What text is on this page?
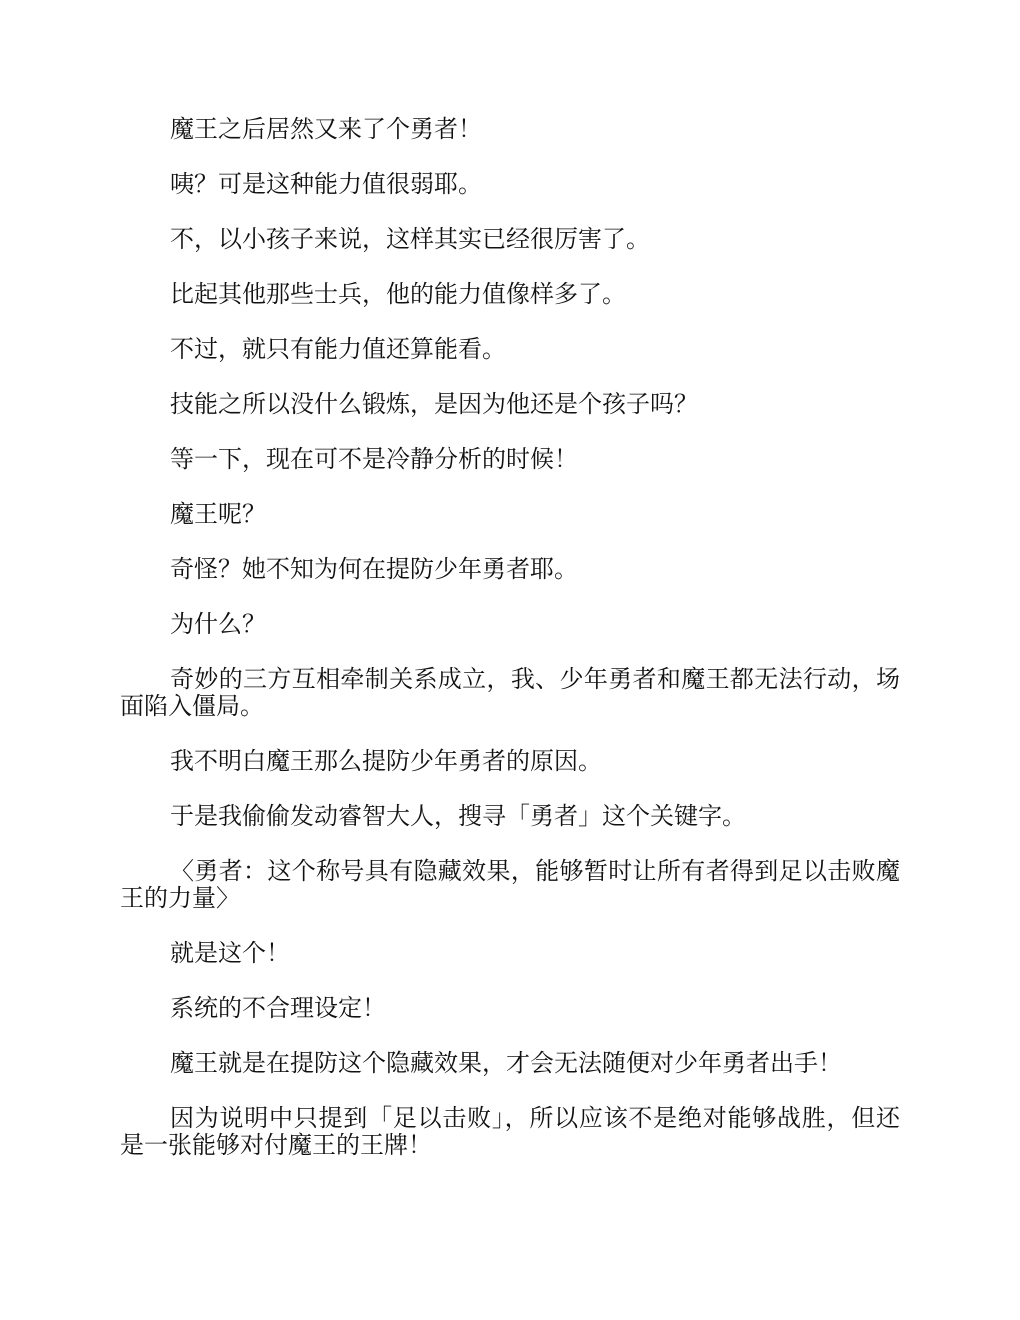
魔王之后居然又来了个勇者！

咦？可是这种能力值很弱耶。

不，以小孩子来说，这样其实已经很厉害了。

比起其他那些士兵，他的能力值像样多了。

不过，就只有能力值还算能看。

技能之所以没什么锻炼，是因为他还是个孩子吗？

等一下，现在可不是冷静分析的时候！

魔王呢？

奇怪？她不知为何在提防少年勇者耶。

为什么？

奇妙的三方互相牵制关系成立，我、少年勇者和魔王都无法行动，场面陷入僵局。

我不明白魔王那么提防少年勇者的原因。

于是我偷偷发动睿智大人，搜寻「勇者」这个关键字。

〈勇者：这个称号具有隐藏效果，能够暂时让所有者得到足以击败魔王的力量〉

就是这个！

系统的不合理设定！

魔王就是在提防这个隐藏效果，才会无法随便对少年勇者出手！

因为说明中只提到「足以击败」，所以应该不是绝对能够战胜，但还是一张能够对付魔王的王牌！
